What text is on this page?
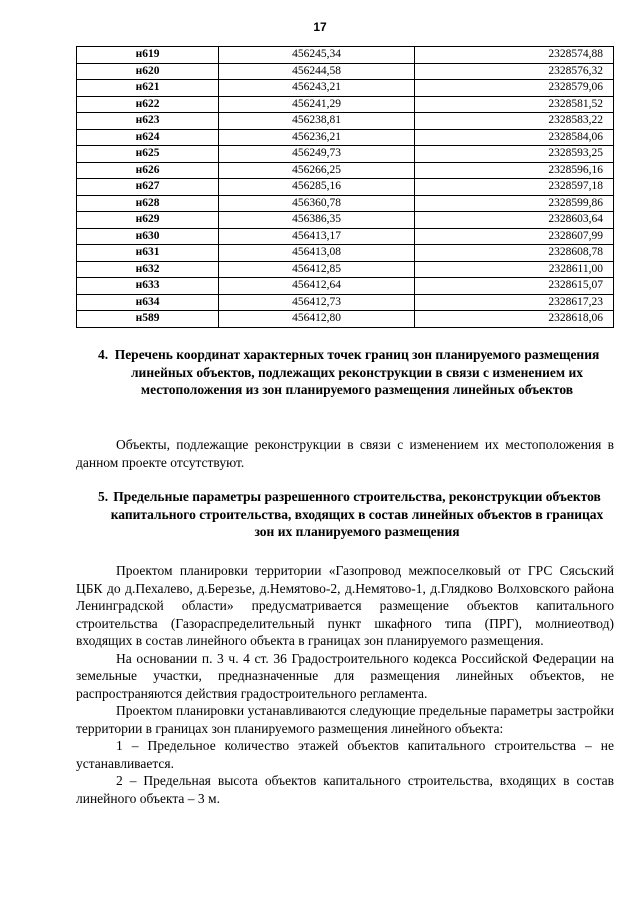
17
н619	456245,34	2328574,88
н620	456244,58	2328576,32
н621	456243,21	2328579,06
н622	456241,29	2328581,52
н623	456238,81	2328583,22
н624	456236,21	2328584,06
н625	456249,73	2328593,25
н626	456266,25	2328596,16
н627	456285,16	2328597,18
н628	456360,78	2328599,86
н629	456386,35	2328603,64
н630	456413,17	2328607,99
н631	456413,08	2328608,78
н632	456412,85	2328611,00
н633	456412,64	2328615,07
н634	456412,73	2328617,23
н589	456412,80	2328618,06
4. Перечень координат характерных точек границ зон планируемого размещения линейных объектов, подлежащих реконструкции в связи с изменением их местоположения из зон планируемого размещения линейных объектов
Объекты, подлежащие реконструкции в связи с изменением их местоположения в данном проекте отсутствуют.
5. Предельные параметры разрешенного строительства, реконструкции объектов капитального строительства, входящих в состав линейных объектов в границах зон их планируемого размещения
Проектом планировки территории «Газопровод межпоселковый от ГРС Сясьский ЦБК до д.Пехалево, д.Березье, д.Немятово-2, д.Немятово-1, д.Глядково Волховского района Ленинградской области» предусматривается размещение объектов капитального строительства (Газораспределительный пункт шкафного типа (ПРГ), молниеотвод) входящих в состав линейного объекта в границах зон планируемого размещения.
На основании п. 3 ч. 4 ст. 36 Градостроительного кодекса Российской Федерации на земельные участки, предназначенные для размещения линейных объектов, не распространяются действия градостроительного регламента.
Проектом планировки устанавливаются следующие предельные параметры застройки территории в границах зон планируемого размещения линейного объекта:
1 – Предельное количество этажей объектов капитального строительства – не устанавливается.
2 – Предельная высота объектов капитального строительства, входящих в состав линейного объекта – 3 м.
